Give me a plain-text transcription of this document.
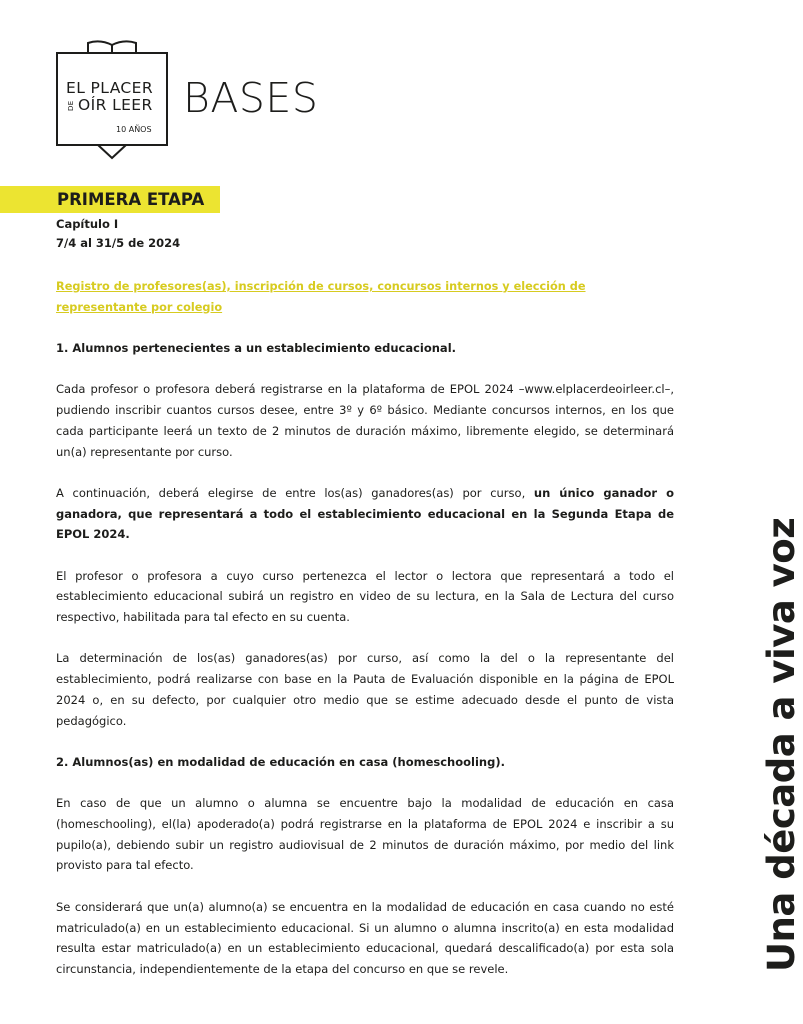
EL PLACER
DE OÍR LEER
10 AÑOS
BASES
PRIMERA ETAPA
Capítulo I
7/4 al 31/5 de 2024
Registro de profesores(as), inscripción de cursos, concursos internos y elección de representante por colegio
1. Alumnos pertenecientes a un establecimiento educacional.

Cada profesor o profesora deberá registrarse en la plataforma de EPOL 2024 –www.elplacerdeoirleer.cl–, pudiendo inscribir cuantos cursos desee, entre 3º y 6º básico. Mediante concursos internos, en los que cada participante leerá un texto de 2 minutos de duración máximo, libremente elegido, se determinará un(a) representante por curso.

A continuación, deberá elegirse de entre los(as) ganadores(as) por curso, un único ganador o ganadora, que representará a todo el establecimiento educacional en la Segunda Etapa de EPOL 2024.

El profesor o profesora a cuyo curso pertenezca el lector o lectora que representará a todo el establecimiento educacional subirá un registro en video de su lectura, en la Sala de Lectura del curso respectivo, habilitada para tal efecto en su cuenta.

La determinación de los(as) ganadores(as) por curso, así como la del o la representante del establecimiento, podrá realizarse con base en la Pauta de Evaluación disponible en la página de EPOL 2024 o, en su defecto, por cualquier otro medio que se estime adecuado desde el punto de vista pedagógico.

2. Alumnos(as) en modalidad de educación en casa (homeschooling).

En caso de que un alumno o alumna se encuentre bajo la modalidad de educación en casa (homeschooling), el(la) apoderado(a) podrá registrarse en la plataforma de EPOL 2024 e inscribir a su pupilo(a), debiendo subir un registro audiovisual de 2 minutos de duración máximo, por medio del link provisto para tal efecto.

Se considerará que un(a) alumno(a) se encuentra en la modalidad de educación en casa cuando no esté matriculado(a) en un establecimiento educacional. Si un alumno o alumna inscrito(a) en esta modalidad resulta estar matriculado(a) en un establecimiento educacional, quedará descalificado(a) por esta sola circunstancia, independientemente de la etapa del concurso en que se revele.	Una década a viva voz
